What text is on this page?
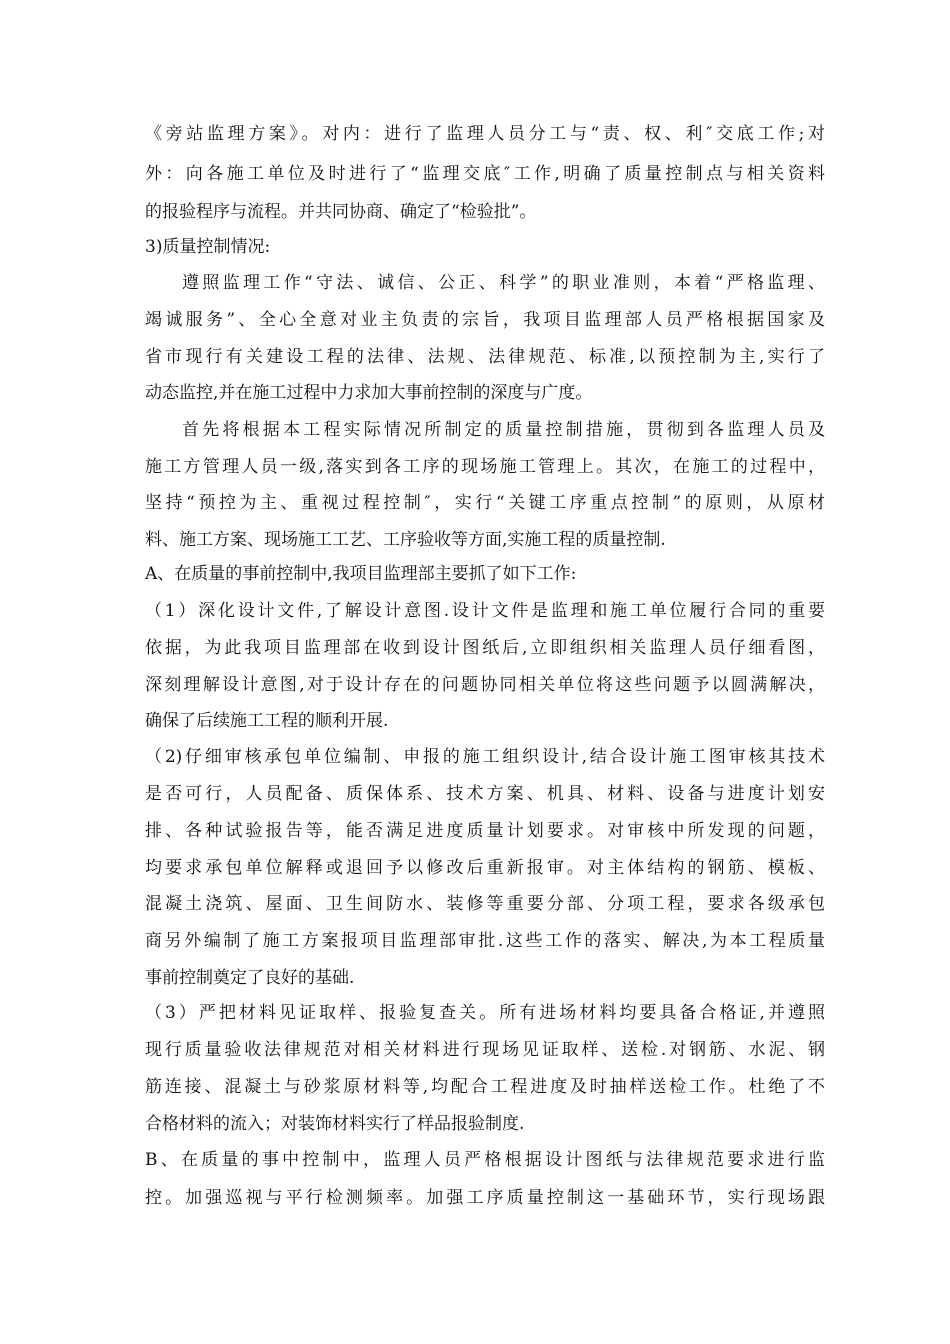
《旁站监理方案》。对内：进行了监理人员分工与“责、权、利″交底工作;对
外：向各施工单位及时进行了“监理交底″工作,明确了质量控制点与相关资料
的报验程序与流程。并共同协商、确定了“检验批”。
3)质量控制情况:
遵照监理工作“守法、诚信、公正、科学”的职业准则，本着“严格监理、
竭诚服务”、全心全意对业主负责的宗旨，我项目监理部人员严格根据国家及
省市现行有关建设工程的法律、法规、法律规范、标准,以预控制为主,实行了
动态监控,并在施工过程中力求加大事前控制的深度与广度。
首先将根据本工程实际情况所制定的质量控制措施，贯彻到各监理人员及
施工方管理人员一级,落实到各工序的现场施工管理上。其次，在施工的过程中，
坚持“预控为主、重视过程控制″，实行“关键工序重点控制”的原则，从原材
料、施工方案、现场施工工艺、工序验收等方面,实施工程的质量控制.
A、在质量的事前控制中,我项目监理部主要抓了如下工作:
（1）深化设计文件,了解设计意图.设计文件是监理和施工单位履行合同的重要
依据，为此我项目监理部在收到设计图纸后,立即组织相关监理人员仔细看图，
深刻理解设计意图,对于设计存在的问题协同相关单位将这些问题予以圆满解决，
确保了后续施工工程的顺利开展.
（2)仔细审核承包单位编制、申报的施工组织设计,结合设计施工图审核其技术
是否可行，人员配备、质保体系、技术方案、机具、材料、设备与进度计划安
排、各种试验报告等，能否满足进度质量计划要求。对审核中所发现的问题，
均要求承包单位解释或退回予以修改后重新报审。对主体结构的钢筋、模板、
混凝土浇筑、屋面、卫生间防水、装修等重要分部、分项工程，要求各级承包
商另外编制了施工方案报项目监理部审批.这些工作的落实、解决,为本工程质量
事前控制奠定了良好的基础.
（3）严把材料见证取样、报验复查关。所有进场材料均要具备合格证,并遵照
现行质量验收法律规范对相关材料进行现场见证取样、送检.对钢筋、水泥、钢
筋连接、混凝土与砂浆原材料等,均配合工程进度及时抽样送检工作。杜绝了不
合格材料的流入；对装饰材料实行了样品报验制度.
B、在质量的事中控制中，监理人员严格根据设计图纸与法律规范要求进行监
控。加强巡视与平行检测频率。加强工序质量控制这一基础环节，实行现场跟
